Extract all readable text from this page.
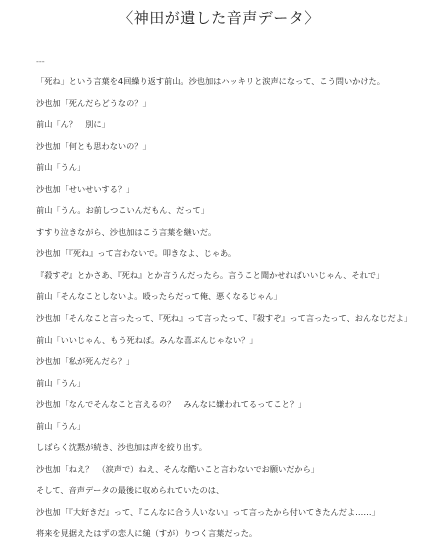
〈神田が遺した音声データ〉
---
「死ね」という言葉を4回繰り返す前山。沙也加はハッキリと涙声になって、こう問いかけた。
沙也加「死んだらどうなの？」
前山「ん？　別に」
沙也加「何とも思わないの？」
前山「うん」
沙也加「せいせいする？」
前山「うん。お前しつこいんだもん、だって」
すすり泣きながら、沙也加はこう言葉を継いだ。
沙也加「『死ね』って言わないで。叩きなよ、じゃあ。
『殺すぞ』とかさあ、『死ね』とか言うんだったら。言うこと聞かせればいいじゃん、それで」
前山「そんなことしないよ。殴ったらだって俺、悪くなるじゃん」
沙也加「そんなこと言ったって、『死ね』って言ったって、『殺すぞ』って言ったって、おんなじだよ」
前山「いいじゃん、もう死ねば。みんな喜ぶんじゃない？」
沙也加「私が死んだら？」
前山「うん」
沙也加「なんでそんなこと言えるの？　みんなに嫌われてるってこと？」
前山「うん」
しばらく沈黙が続き、沙也加は声を絞り出す。
沙也加「ねえ？　（涙声で）ねえ、そんな酷いこと言わないでお願いだから」
そして、音声データの最後に収められていたのは、
沙也加「『大好きだ』って、『こんなに合う人いない』って言ったから付いてきたんだよ……」
将来を見据えたはずの恋人に縋（すが）りつく言葉だった。
